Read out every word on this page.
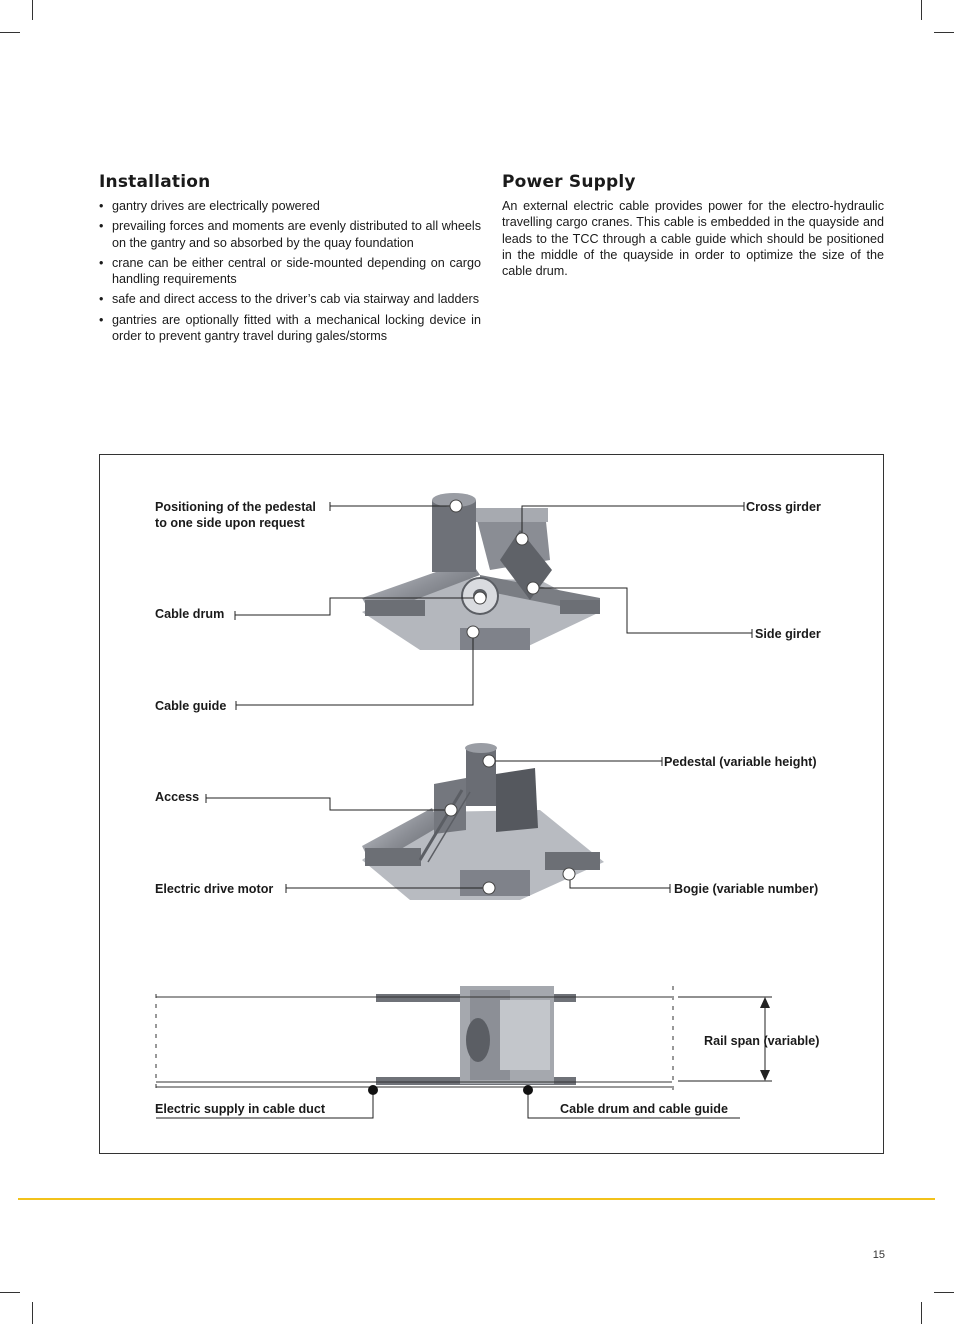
Installation
• gantry drives are electrically powered
• prevailing forces and moments are evenly distributed to all wheels on the gantry and so absorbed by the quay foundation
• crane can be either central or side-mounted depending on cargo handling requirements
• safe and direct access to the driver’s cab via stairway and ladders
• gantries are optionally fitted with a mechanical locking device in order to prevent gantry travel during gales/storms
Power Supply

An external electric cable provides power for the electro-hydraulic travelling cargo cranes. This cable is embedded in the quayside and leads to the TCC through a cable guide which should be positioned in the middle of the quayside in order to optimize the size of the cable drum.

Positioning of the pedestal
to one side upon request
Cross girder
Cable drum
Side girder
Cable guide
Pedestal (variable height)
Access
Electric drive motor	Bogie (variable number)
Rail span (variable)
Electric supply in cable duct	Cable drum and cable guide
15
